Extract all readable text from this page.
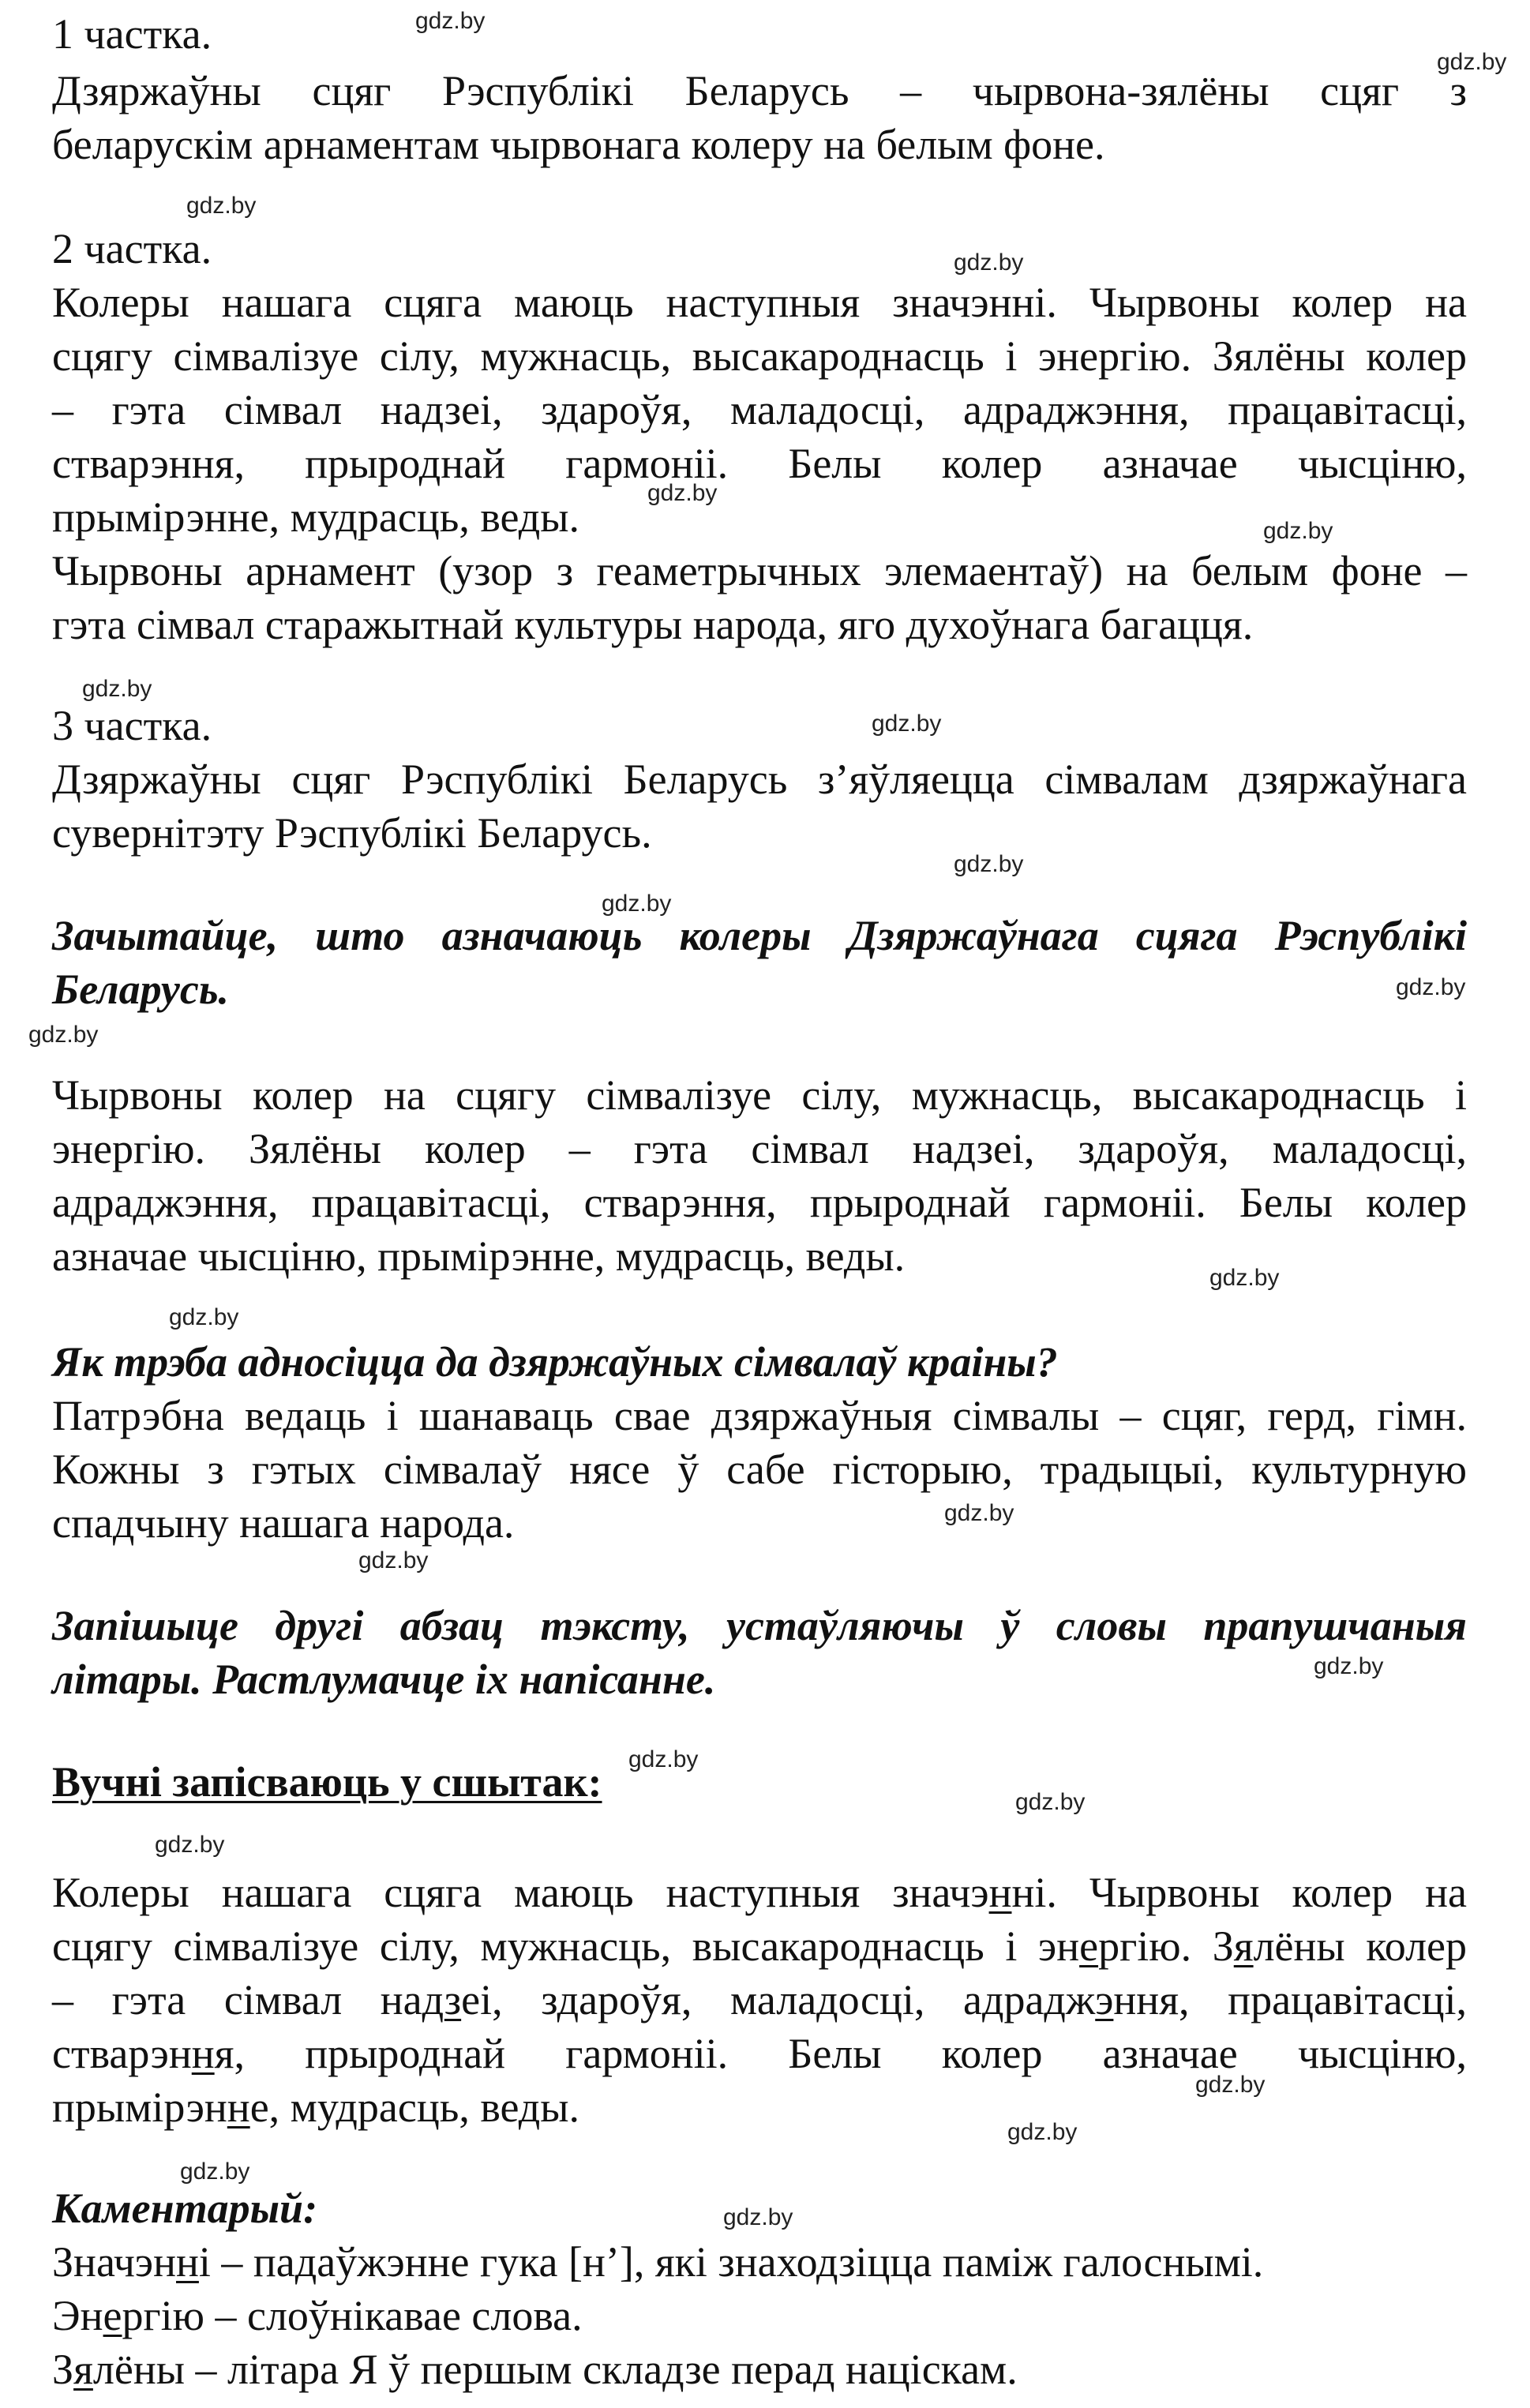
gdz.by
gdz.by
gdz.by
gdz.by
gdz.by
gdz.by
gdz.by
gdz.by
gdz.by
gdz.by
gdz.by
gdz.by
gdz.by
gdz.by
gdz.by
gdz.by
gdz.by
gdz.by
gdz.by
gdz.by
gdz.by
gdz.by
gdz.by
gdz.by
1 частка.
Дзяржаўны сцяг Рэспублікі Беларусь – чырвона-зялёны сцяг з
беларускім арнаментам чырвонага колеру на белым фоне.
2 частка.
Колеры нашага сцяга маюць наступныя значэнні. Чырвоны колер на
сцягу сімвалізуе сілу, мужнасць, высакароднасць і энергію. Зялёны колер
– гэта сімвал надзеі, здароўя, маладосці, адраджэння, працавітасці,
стварэння, прыроднай гармоніі. Белы колер азначае чысціню,
прымірэнне, мудрасць, веды.
Чырвоны арнамент (узор з геаметрычных элемаентаў) на белым фоне –
гэта сімвал старажытнай культуры народа, яго духоўнага багацця.
3 частка.
Дзяржаўны сцяг Рэспублікі Беларусь з’яўляецца сімвалам дзяржаўнага
сувернітэту Рэспублікі Беларусь.
Зачытайце, што азначаюць колеры Дзяржаўнага сцяга Рэспублікі
Беларусь.
Чырвоны колер на сцягу сімвалізуе сілу, мужнасць, высакароднасць і
энергію. Зялёны колер – гэта сімвал надзеі, здароўя, маладосці,
адраджэння, працавітасці, стварэння, прыроднай гармоніі. Белы колер
азначае чысціню, прымірэнне, мудрасць, веды.
Як трэба адносіцца да дзяржаўных сімвалаў краіны?
Патрэбна ведаць і шанаваць свае дзяржаўныя сімвалы – сцяг, герд, гімн.
Кожны з гэтых сімвалаў нясе ў сабе гісторыю, традыцыі, культурную
спадчыну нашага народа.
Запішыце другі абзац тэксту, устаўляючы ў словы прапушчаныя
літары. Растлумачце іх напісанне.
Вучні запісваюць у сшытак:
Колеры нашага сцяга маюць наступныя значэнні. Чырвоны колер на
сцягу сімвалізуе сілу, мужнасць, высакароднасць і энергію. Зялёны колер
– гэта сімвал надзеі, здароўя, маладосці, адраджэння, працавітасці,
стварэння, прыроднай гармоніі. Белы колер азначае чысціню,
прымірэнне, мудрасць, веды.
Каментарый:
Значэнні – падаўжэнне гука [н’], які знаходзіцца паміж галоснымі.
Энергію – слоўнікавае слова.
Зялёны – літара Я ў першым складзе перад націскам.
